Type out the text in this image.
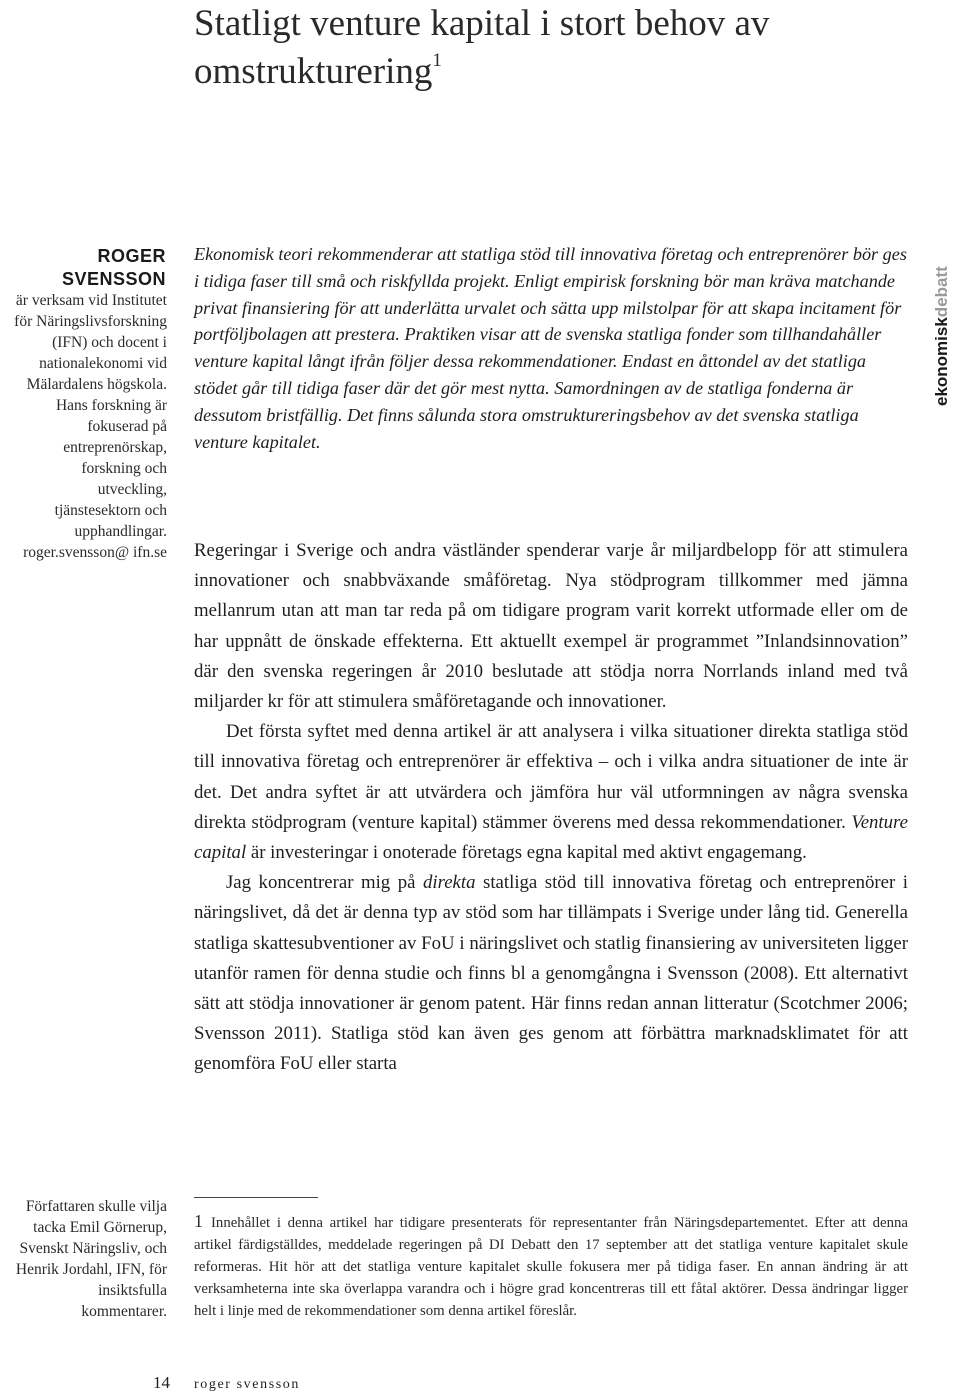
Statligt venture kapital i stort behov av omstrukturering$^1$
ROGER SVENSSON
är verksam vid Institutet för Näringslivsforskning (IFN) och docent i nationalekonomi vid Mälardalens högskola. Hans forskning är fokuserad på entreprenörskap, forskning och utveckling, tjänstesektorn och upphandlingar. roger.svensson@ ifn.se
Författaren skulle vilja tacka Emil Görnerup, Svenskt Näringsliv, och Henrik Jordahl, IFN, för insiktsfulla kommentarer.
Ekonomisk teori rekommenderar att statliga stöd till innovativa företag och entreprenörer bör ges i tidiga faser till små och riskfyllda projekt. Enligt empirisk forskning bör man kräva matchande privat finansiering för att underlätta urvalet och sätta upp milstolpar för att skapa incitament för portföljbolagen att prestera. Praktiken visar att de svenska statliga fonder som tillhandahåller venture kapital långt ifrån följer dessa rekommendationer. Endast en åttondel av det statliga stödet går till tidiga faser där det gör mest nytta. Samordningen av de statliga fonderna är dessutom bristfällig. Det finns sålunda stora omstruktureringsbehov av det svenska statliga venture kapitalet.

Regeringar i Sverige och andra västländer spenderar varje år miljardbelopp för att stimulera innovationer och snabbväxande småföretag. Nya stödprogram tillkommer med jämna mellanrum utan att man tar reda på om tidigare program varit korrekt utformade eller om de har uppnått de önskade effekterna. Ett aktuellt exempel är programmet ”Inlandsinnovation” där den svenska regeringen år 2010 beslutade att stödja norra Norrlands inland med två miljarder kr för att stimulera småföretagande och innovationer.

Det första syftet med denna artikel är att analysera i vilka situationer direkta statliga stöd till innovativa företag och entreprenörer är effektiva – och i vilka andra situationer de inte är det. Det andra syftet är att utvärdera och jämföra hur väl utformningen av några svenska direkta stödprogram (venture kapital) stämmer överens med dessa rekommendationer. Venture capital är investeringar i onoterade företags egna kapital med aktivt engagemang.

Jag koncentrerar mig på direkta statliga stöd till innovativa företag och entreprenörer i näringslivet, då det är denna typ av stöd som har tillämpats i Sverige under lång tid. Generella statliga skattesubventioner av FoU i näringslivet och statlig finansiering av universiteten ligger utanför ramen för denna studie och finns bl a genomgångna i Svensson (2008). Ett alternativt sätt att stödja innovationer är genom patent. Här finns redan annan litteratur (Scotchmer 2006; Svensson 2011). Statliga stöd kan även ges genom att förbättra marknadsklimatet för att genomföra FoU eller starta

1 Innehållet i denna artikel har tidigare presenterats för representanter från Näringsdepartementet. Efter att denna artikel färdigställdes, meddelade regeringen på DI Debatt den 17 september att det statliga venture kapitalet skule reformeras. Hit hör att det statliga venture kapitalet skulle fokusera mer på tidiga faser. En annan ändring är att verksamheterna inte ska överlappa varandra och i högre grad koncentreras till ett fåtal aktörer. Dessa ändringar ligger helt i linje med de rekommendationer som denna artikel föreslår.
14 roger svensson
ekonomiskdebatt
